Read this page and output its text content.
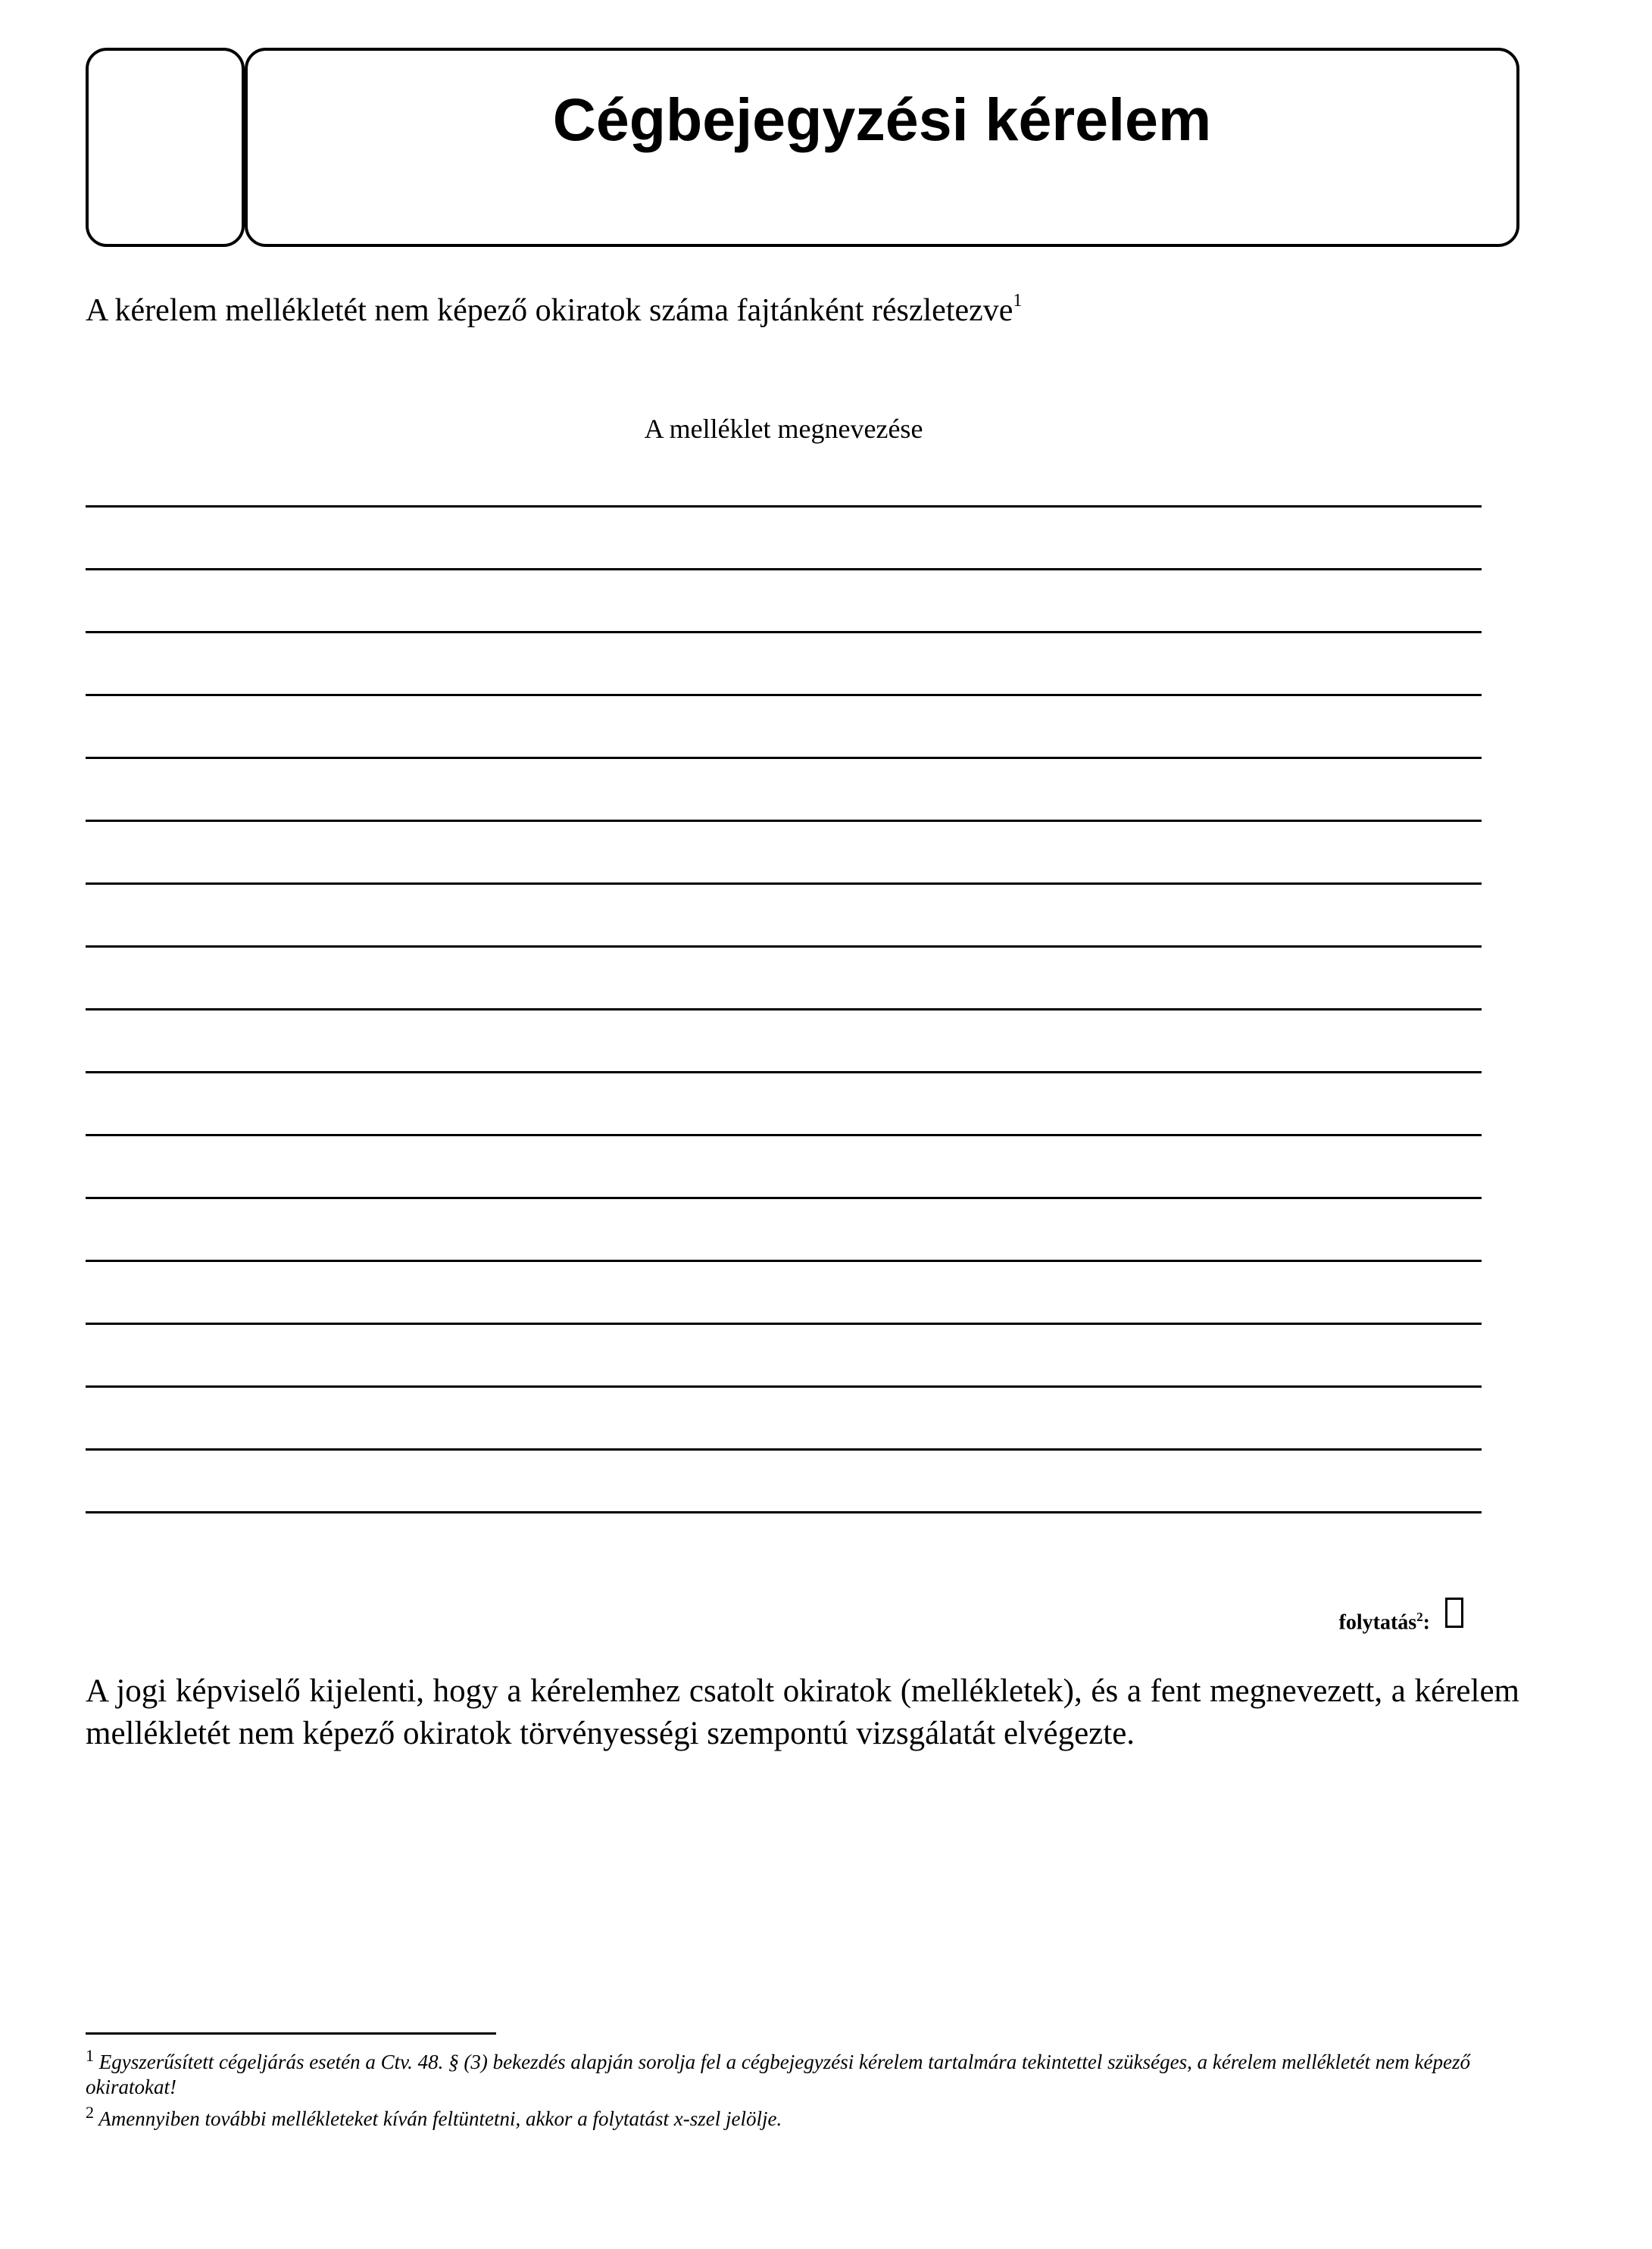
Cégbejegyzési kérelem
A kérelem mellékletét nem képező okiratok száma fajtánként részletezve$^1$
A melléklet megnevezése
folytatás$^2$:
A jogi képviselő kijelenti, hogy a kérelemhez csatolt okiratok (mellékletek), és a fent megnevezett, a kérelem mellékletét nem képező okiratok törvényességi szempontú vizsgálatát elvégezte.
$^1$ Egyszerűsített cégeljárás esetén a Ctv. 48. § (3) bekezdés alapján sorolja fel a cégbejegyzési kérelem tartalmára tekintettel szükséges, a kérelem mellékletét nem képező okiratokat!
$^2$ Amennyiben további mellékleteket kíván feltüntetni, akkor a folytatást x-szel jelölje.
